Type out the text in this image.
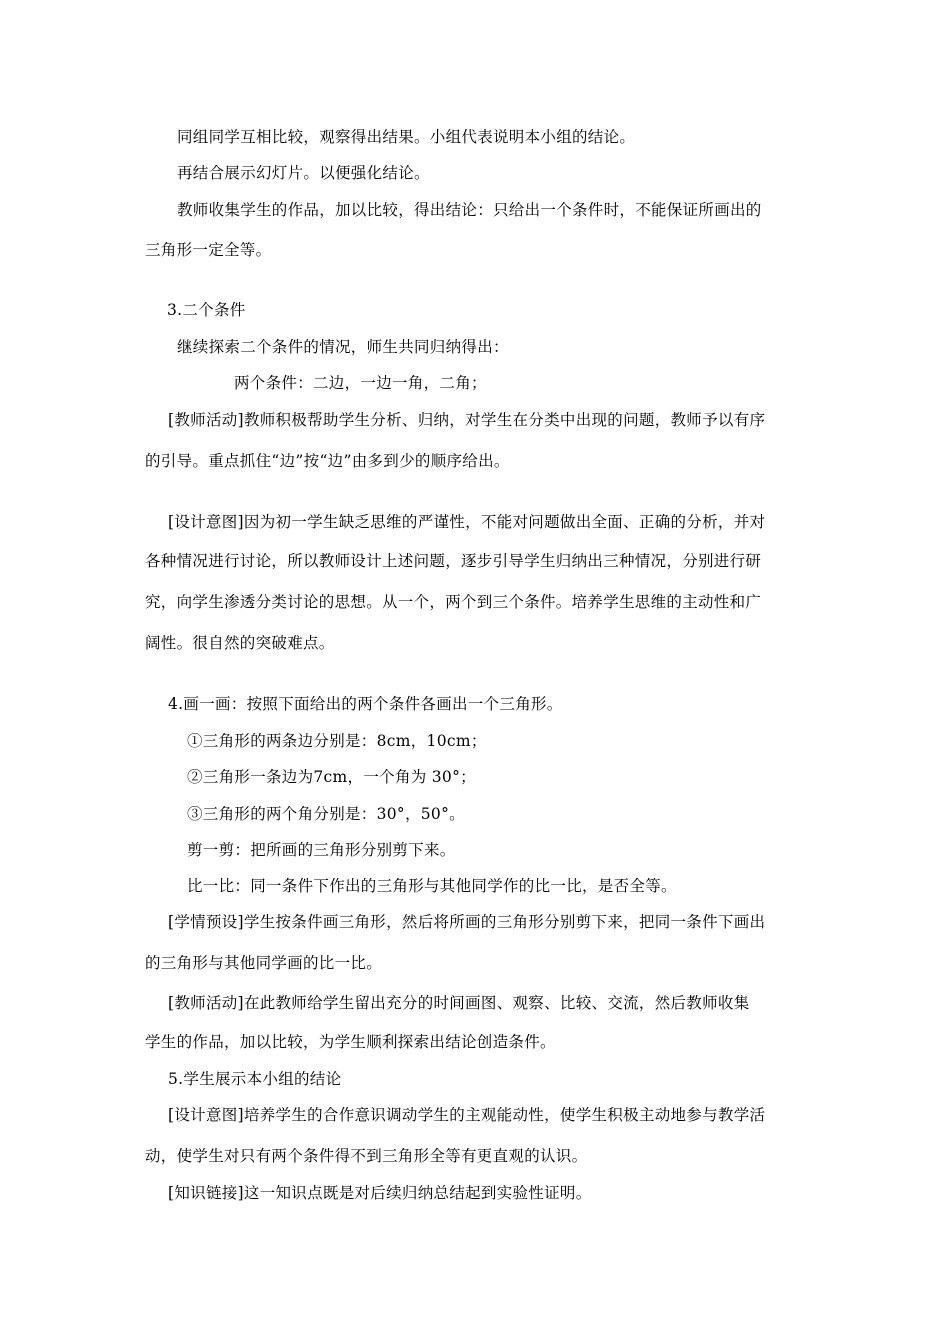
同组同学互相比较，观察得出结果。小组代表说明本小组的结论。
再结合展示幻灯片。以便强化结论。
教师收集学生的作品，加以比较，得出结论：只给出一个条件时，不能保证所画出的
三角形一定全等。
3.二个条件
继续探索二个条件的情况，师生共同归纳得出：
两个条件：二边，一边一角，二角；
[教师活动]教师积极帮助学生分析、归纳，对学生在分类中出现的问题，教师予以有序
的引导。重点抓住“边”按“边”由多到少的顺序给出。
[设计意图]因为初一学生缺乏思维的严谨性，不能对问题做出全面、正确的分析，并对
各种情况进行讨论，所以教师设计上述问题，逐步引导学生归纳出三种情况，分别进行研
究，向学生渗透分类讨论的思想。从一个，两个到三个条件。培养学生思维的主动性和广
阔性。很自然的突破难点。
4.画一画：按照下面给出的两个条件各画出一个三角形。
①三角形的两条边分别是：8cm，10cm；
②三角形一条边为7cm，一个角为 30°；
③三角形的两个角分别是：30°，50°。
剪一剪：把所画的三角形分别剪下来。
比一比：同一条件下作出的三角形与其他同学作的比一比，是否全等。
[学情预设]学生按条件画三角形，然后将所画的三角形分别剪下来，把同一条件下画出
的三角形与其他同学画的比一比。
[教师活动]在此教师给学生留出充分的时间画图、观察、比较、交流，然后教师收集
学生的作品，加以比较，为学生顺利探索出结论创造条件。
5.学生展示本小组的结论
[设计意图]培养学生的合作意识调动学生的主观能动性，使学生积极主动地参与教学活
动，使学生对只有两个条件得不到三角形全等有更直观的认识。
[知识链接]这一知识点既是对后续归纳总结起到实验性证明。
